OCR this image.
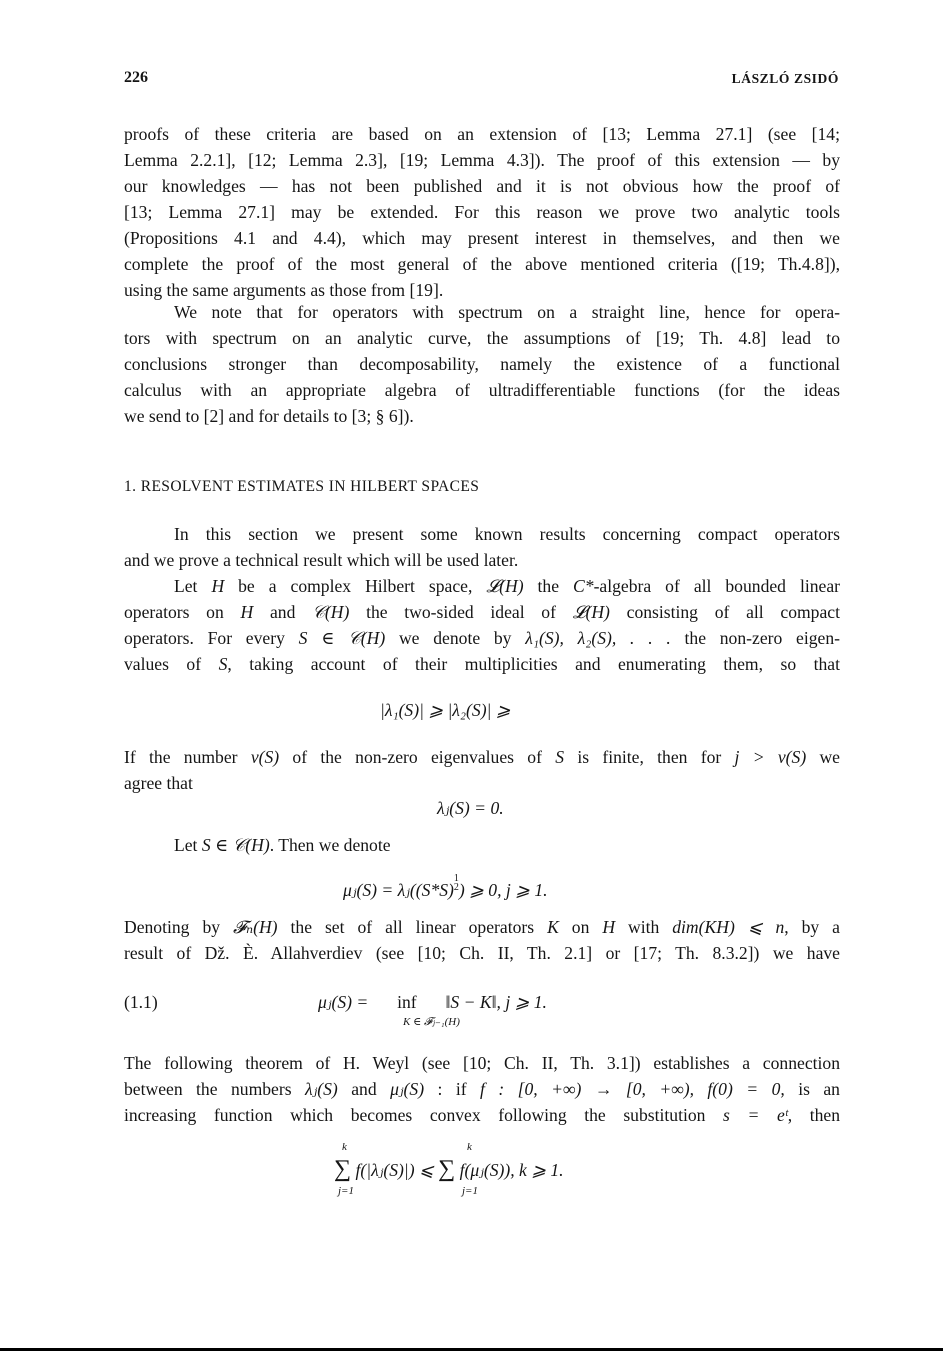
226	LÁSZLÓ ZSIDÓ
proofs of these criteria are based on an extension of [13; Lemma 27.1] (see [14;
Lemma 2.2.1], [12; Lemma 2.3], [19; Lemma 4.3]). The proof of this extension — by
our knowledges — has not been published and it is not obvious how the proof of
[13; Lemma 27.1] may be extended. For this reason we prove two analytic tools
(Propositions 4.1 and 4.4), which may present interest in themselves, and then we
complete the proof of the most general of the above mentioned criteria ([19; Th.4.8]),
using the same arguments as those from [19].
We note that for operators with spectrum on a straight line, hence for opera-
tors with spectrum on an analytic curve, the assumptions of [19; Th. 4.8] lead to
conclusions stronger than decomposability, namely the existence of a functional
calculus with an appropriate algebra of ultradifferentiable functions (for the ideas
we send to [2] and for details to [3; § 6]).
1. RESOLVENT ESTIMATES IN HILBERT SPACES
In this section we present some known results concerning compact operators
and we prove a technical result which will be used later.
Let H be a complex Hilbert space, 𝓛(H) the C*-algebra of all bounded linear
operators on H and 𝒞(H) the two-sided ideal of 𝓛(H) consisting of all compact
operators. For every S ∈ 𝒞(H) we denote by λ₁(S), λ₂(S), . . . the non-zero eigen-
values of S, taking account of their multiplicities and enumerating them, so that
|λ₁(S)| ⩾ |λ₂(S)| ⩾
If the number ν(S) of the non-zero eigenvalues of S is finite, then for j > ν(S) we
agree that
λⱼ(S) = 0.
Let S ∈ 𝒞(H). Then we denote
μⱼ(S) = λⱼ((S*S)1
2) ⩾ 0, j ⩾ 1.
Denoting by 𝓕ₙ(H) the set of all linear operators K on H with dim(KH) ⩽ n, by a
result of Dž. È. Allahverdiev (see [10; Ch. II, Th. 2.1] or [17; Th. 8.3.2]) we have
(1.1)	μⱼ(S) = inf ‖S − K‖, j ⩾ 1.
K ∈ 𝓕ⱼ₋₁(H)
The following theorem of H. Weyl (see [10; Ch. II, Th. 3.1]) establishes a connection
between the numbers λⱼ(S) and μⱼ(S) : if f : [0, +∞) → [0, +∞), f(0) = 0, is an
increasing function which becomes convex following the substitution s = eᵗ, then
k
j=1
k
j=1
∑ f(|λⱼ(S)|) ⩽ ∑ f(μⱼ(S)), k ⩾ 1.
